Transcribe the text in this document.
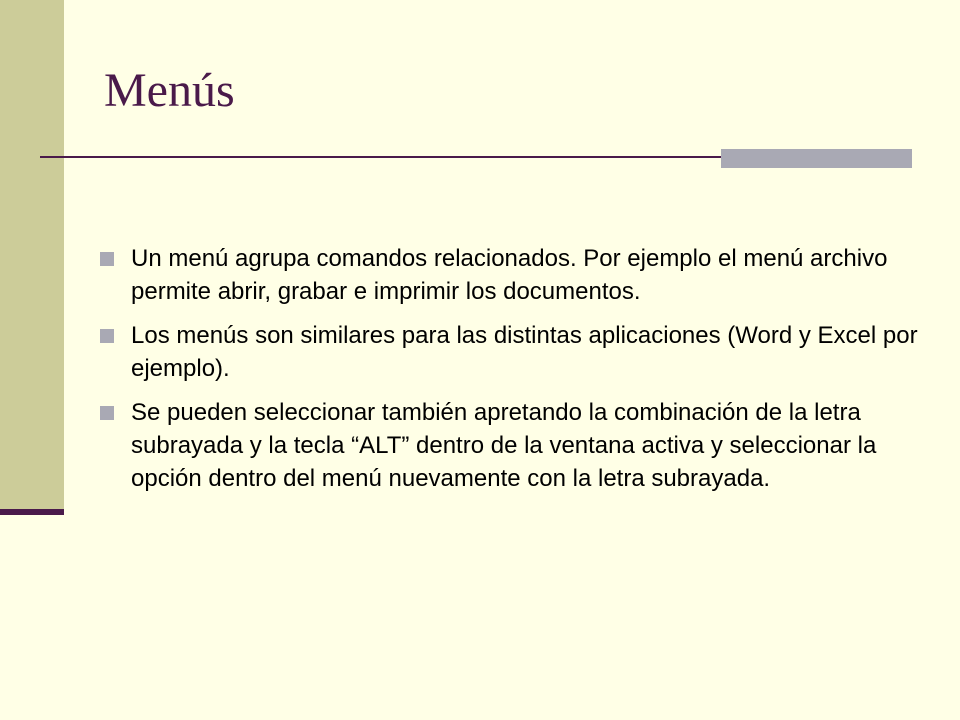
Menús
Un menú agrupa comandos relacionados. Por ejemplo el menú archivo permite abrir, grabar e imprimir los documentos.
Los menús son similares para las distintas aplicaciones (Word y Excel por ejemplo).
Se pueden seleccionar también apretando la combinación de la letra subrayada y la tecla “ALT” dentro de la ventana activa y seleccionar la opción dentro del menú nuevamente con la letra subrayada.
